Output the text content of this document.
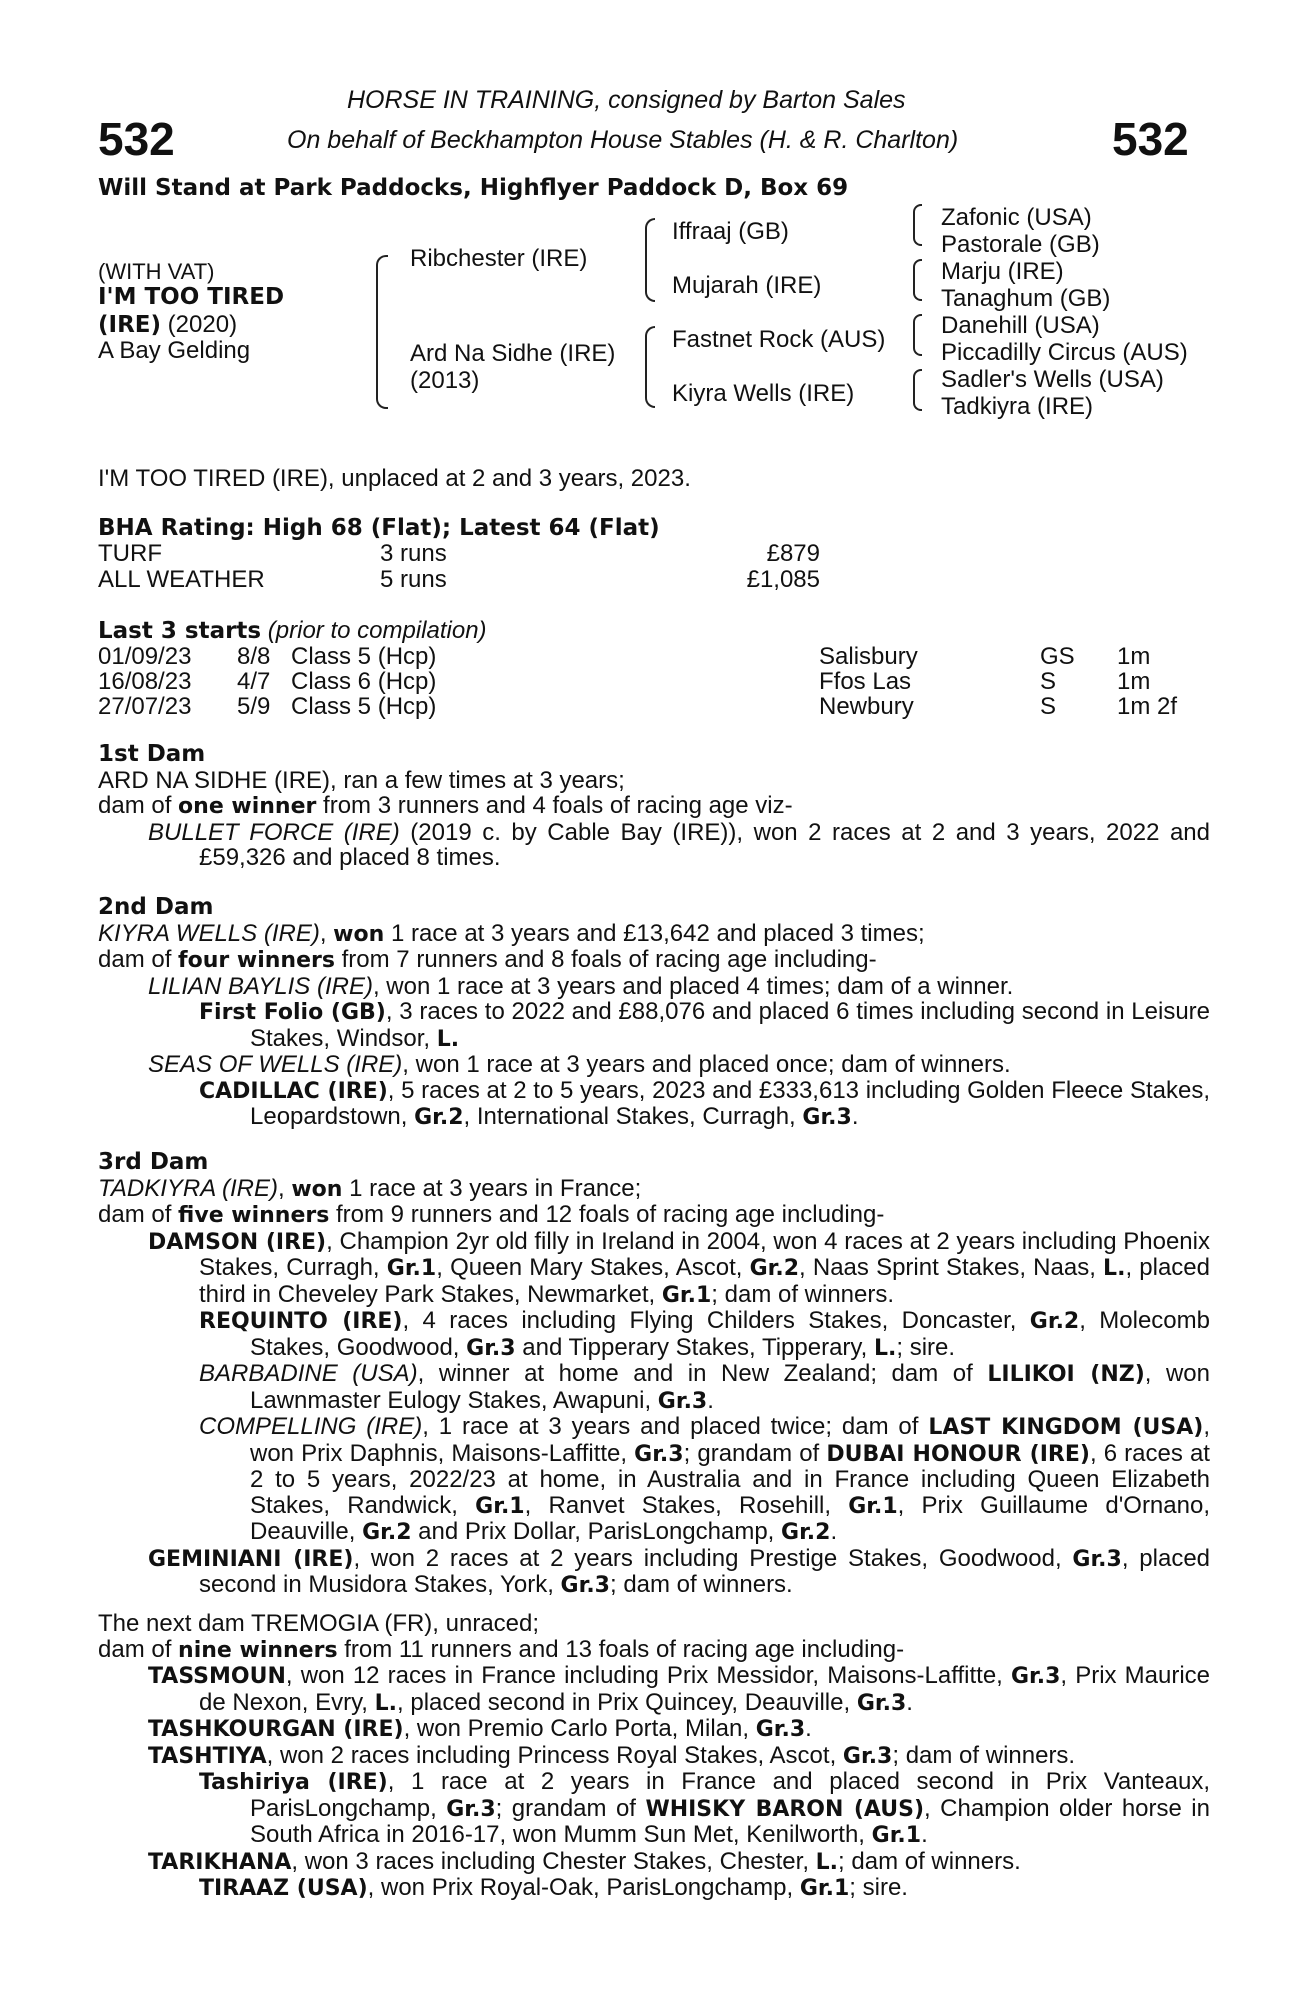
532	532
HORSE IN TRAINING, consigned by Barton Sales
On behalf of Beckhampton House Stables (H. & R. Charlton)
Will Stand at Park Paddocks, Highflyer Paddock D, Box 69
(WITH VAT)
I'M TOO TIRED
(IRE) (2020)
A Bay Gelding
Ribchester (IRE)
Ard Na Sidhe (IRE)
(2013)
Iffraaj (GB)
Mujarah (IRE)
Fastnet Rock (AUS)
Kiyra Wells (IRE)
Zafonic (USA)
Pastorale (GB)
Marju (IRE)
Tanaghum (GB)
Danehill (USA)
Piccadilly Circus (AUS)
Sadler's Wells (USA)
Tadkiyra (IRE)
I'M TOO TIRED (IRE), unplaced at 2 and 3 years, 2023.
BHA Rating: High 68 (Flat); Latest 64 (Flat)
TURF	3 runs	£879
ALL WEATHER	5 runs	£1,085
Last 3 starts (prior to compilation)
01/09/23 8/8 Class 5 (Hcp)	Salisbury	GS 1m
16/08/23 4/7 Class 6 (Hcp)	Ffos Las	S	1m
27/07/23 5/9 Class 5 (Hcp)	Newbury	S	1m 2f

1st Dam

ARD NA SIDHE (IRE), ran a few times at 3 years;

dam of one winner from 3 runners and 4 foals of racing age viz-

BULLET FORCE (IRE) (2019 c. by Cable Bay (IRE)), won 2 races at 2 and 3 years, 2022 and £59,326 and placed 8 times.

2nd Dam

KIYRA WELLS (IRE), won 1 race at 3 years and £13,642 and placed 3 times;

dam of four winners from 7 runners and 8 foals of racing age including-

LILIAN BAYLIS (IRE), won 1 race at 3 years and placed 4 times; dam of a winner.

First Folio (GB), 3 races to 2022 and £88,076 and placed 6 times including second in Leisure Stakes, Windsor, L.

SEAS OF WELLS (IRE), won 1 race at 3 years and placed once; dam of winners.

CADILLAC (IRE), 5 races at 2 to 5 years, 2023 and £333,613 including Golden Fleece Stakes, Leopardstown, Gr.2, International Stakes, Curragh, Gr.3.

3rd Dam

TADKIYRA (IRE), won 1 race at 3 years in France;

dam of five winners from 9 runners and 12 foals of racing age including-

DAMSON (IRE), Champion 2yr old filly in Ireland in 2004, won 4 races at 2 years including Phoenix Stakes, Curragh, Gr.1, Queen Mary Stakes, Ascot, Gr.2, Naas Sprint Stakes, Naas, L., placed third in Cheveley Park Stakes, Newmarket, Gr.1; dam of winners.

REQUINTO (IRE), 4 races including Flying Childers Stakes, Doncaster, Gr.2, Molecomb Stakes, Goodwood, Gr.3 and Tipperary Stakes, Tipperary, L.; sire.

BARBADINE (USA), winner at home and in New Zealand; dam of LILIKOI (NZ), won Lawnmaster Eulogy Stakes, Awapuni, Gr.3.

COMPELLING (IRE), 1 race at 3 years and placed twice; dam of LAST KINGDOM (USA), won Prix Daphnis, Maisons-Laffitte, Gr.3; grandam of DUBAI HONOUR (IRE), 6 races at 2 to 5 years, 2022/23 at home, in Australia and in France including Queen Elizabeth Stakes, Randwick, Gr.1, Ranvet Stakes, Rosehill, Gr.1, Prix Guillaume d'Ornano, Deauville, Gr.2 and Prix Dollar, ParisLongchamp, Gr.2.

GEMINIANI (IRE), won 2 races at 2 years including Prestige Stakes, Goodwood, Gr.3, placed second in Musidora Stakes, York, Gr.3; dam of winners.

The next dam TREMOGIA (FR), unraced;

dam of nine winners from 11 runners and 13 foals of racing age including-

TASSMOUN, won 12 races in France including Prix Messidor, Maisons-Laffitte, Gr.3, Prix Maurice de Nexon, Evry, L., placed second in Prix Quincey, Deauville, Gr.3.

TASHKOURGAN (IRE), won Premio Carlo Porta, Milan, Gr.3.

TASHTIYA, won 2 races including Princess Royal Stakes, Ascot, Gr.3; dam of winners.

Tashiriya (IRE), 1 race at 2 years in France and placed second in Prix Vanteaux, ParisLongchamp, Gr.3; grandam of WHISKY BARON (AUS), Champion older horse in South Africa in 2016-17, won Mumm Sun Met, Kenilworth, Gr.1.

TARIKHANA, won 3 races including Chester Stakes, Chester, L.; dam of winners.

TIRAAZ (USA), won Prix Royal-Oak, ParisLongchamp, Gr.1; sire.
